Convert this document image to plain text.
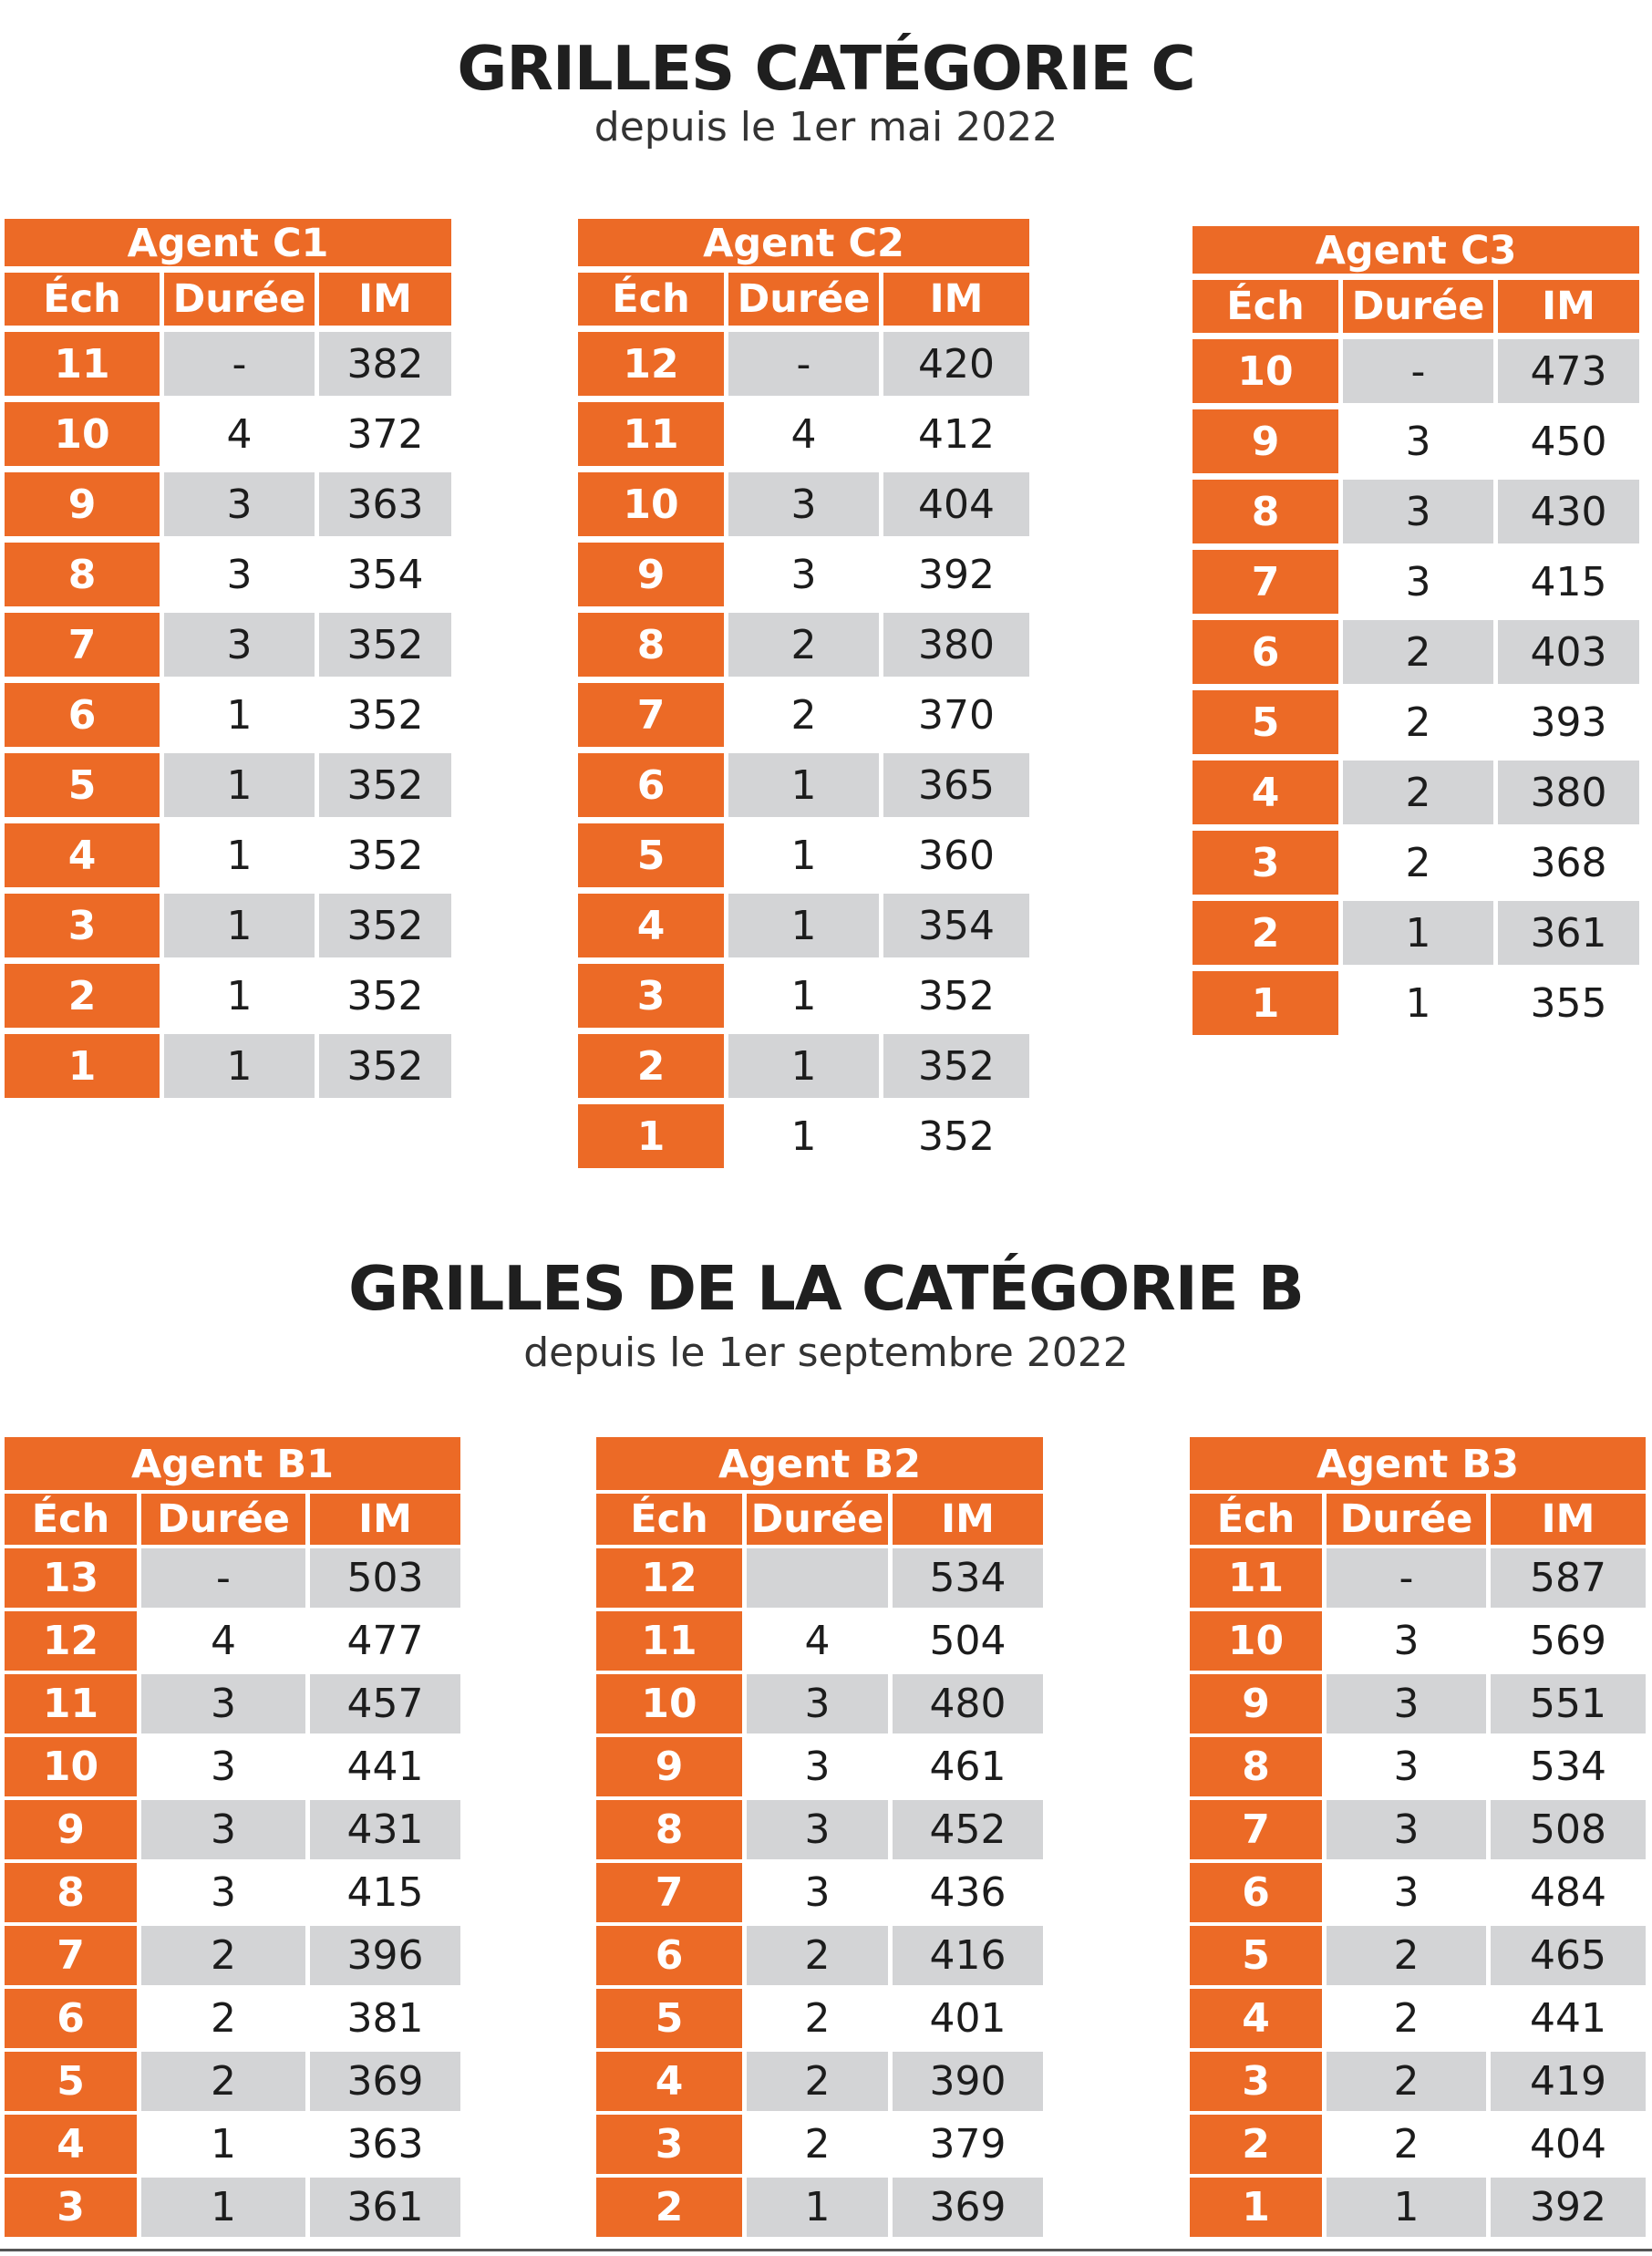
GRILLES CATÉGORIE C

depuis le 1er mai 2022

Agent C1		
Éch	Durée	IM
11	-	382
10	4	372
9	3	363
8	3	354
7	3	352
6	1	352
5	1	352
4	1	352
3	1	352
2	1	352
1	1	352
Agent C2		
Éch	Durée	IM
12	-	420
11	4	412
10	3	404
9	3	392
8	2	380
7	2	370
6	1	365
5	1	360
4	1	354
3	1	352
2	1	352
1	1	352
Agent C3		
Éch	Durée	IM
10	-	473
9	3	450
8	3	430
7	3	415
6	2	403
5	2	393
4	2	380
3	2	368
2	1	361
1	1	355
GRILLES DE LA CATÉGORIE B

depuis le 1er septembre 2022

Agent B1		
Éch	Durée	IM
13	-	503
12	4	477
11	3	457
10	3	441
9	3	431
8	3	415
7	2	396
6	2	381
5	2	369
4	1	363
3	1	361
Agent B2		
Éch	Durée	IM
12		534
11	4	504
10	3	480
9	3	461
8	3	452
7	3	436
6	2	416
5	2	401
4	2	390
3	2	379
2	1	369
Agent B3		
Éch	Durée	IM
11	-	587
10	3	569
9	3	551
8	3	534
7	3	508
6	3	484
5	2	465
4	2	441
3	2	419
2	2	404
1	1	392
